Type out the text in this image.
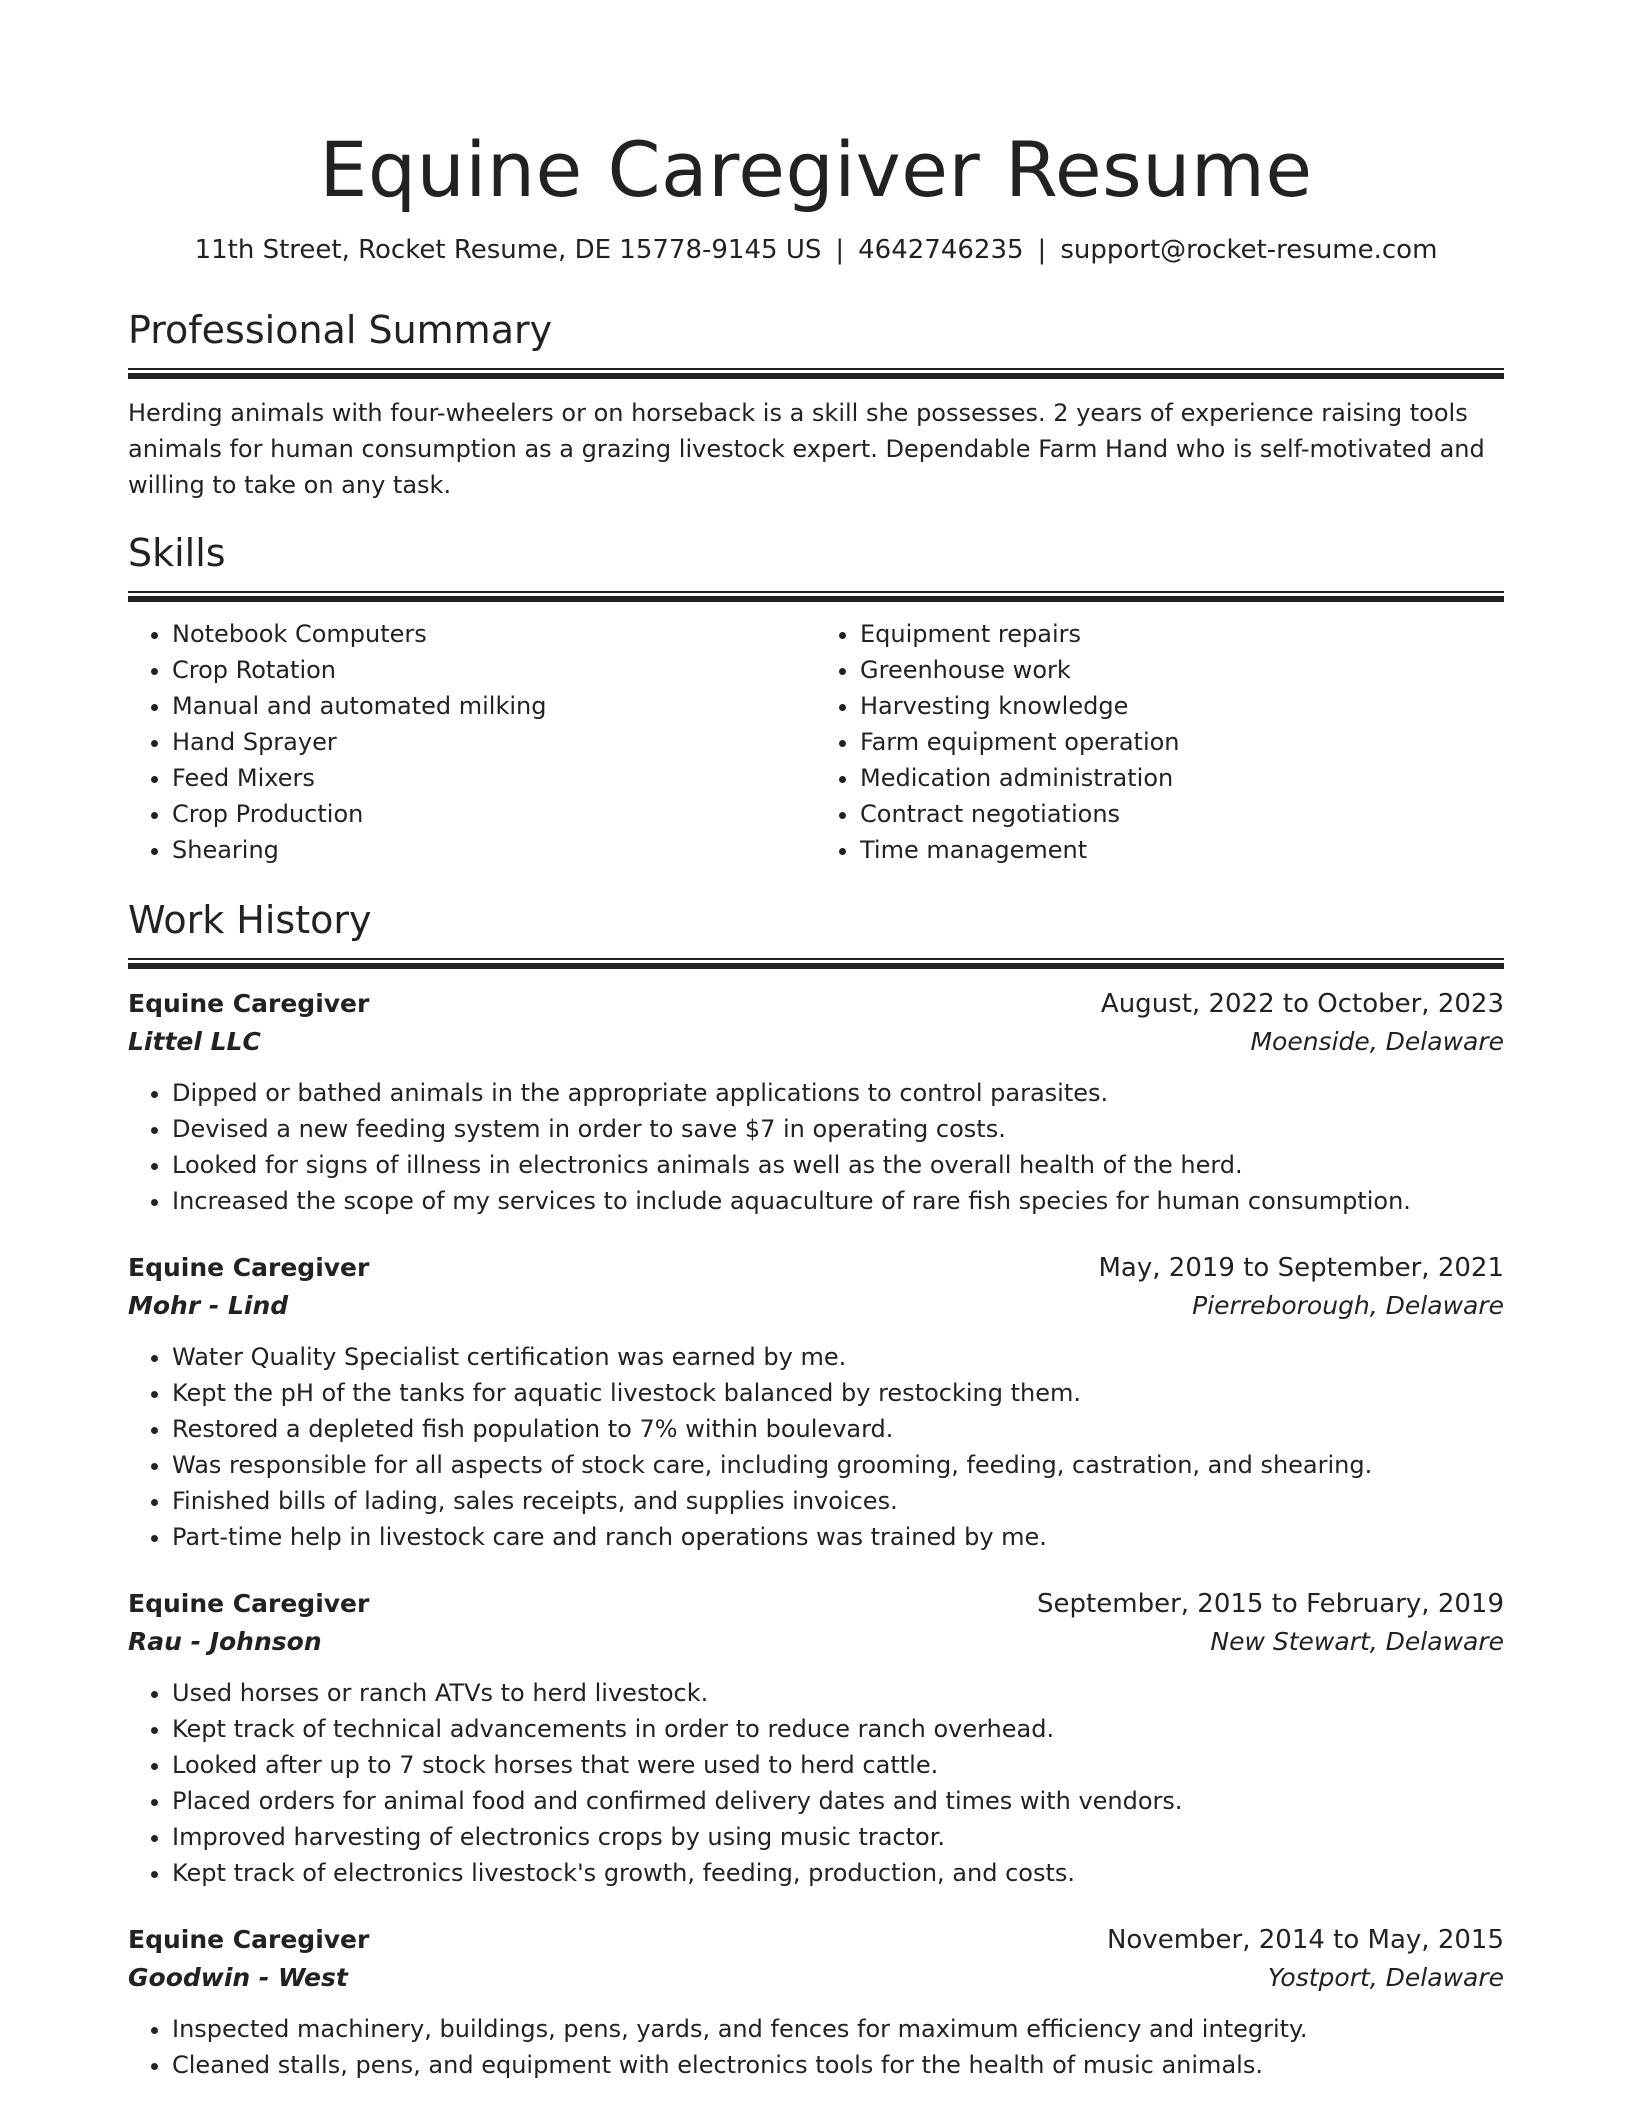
Equine Caregiver Resume
11th Street, Rocket Resume, DE 15778-9145 US | 4642746235 | support@rocket-resume.com
Professional Summary

Herding animals with four-wheelers or on horseback is a skill she possesses. 2 years of experience raising tools animals for human consumption as a grazing livestock expert. Dependable Farm Hand who is self-motivated and willing to take on any task.

Skills
• Notebook Computers
• Crop Rotation
• Manual and automated milking
• Hand Sprayer
• Feed Mixers
• Crop Production
• Shearing
• Equipment repairs
• Greenhouse work
• Harvesting knowledge
• Farm equipment operation
• Medication administration
• Contract negotiations
• Time management
Work History
Equine Caregiver	August, 2022 to October, 2023
Littel LLC	Moenside, Delaware
• Dipped or bathed animals in the appropriate applications to control parasites.
• Devised a new feeding system in order to save $7 in operating costs.
• Looked for signs of illness in electronics animals as well as the overall health of the herd.
• Increased the scope of my services to include aquaculture of rare fish species for human consumption.
Equine Caregiver	May, 2019 to September, 2021
Mohr - Lind	Pierreborough, Delaware
• Water Quality Specialist certification was earned by me.
• Kept the pH of the tanks for aquatic livestock balanced by restocking them.
• Restored a depleted fish population to 7% within boulevard.
• Was responsible for all aspects of stock care, including grooming, feeding, castration, and shearing.
• Finished bills of lading, sales receipts, and supplies invoices.
• Part-time help in livestock care and ranch operations was trained by me.
Equine Caregiver	September, 2015 to February, 2019
Rau - Johnson	New Stewart, Delaware
• Used horses or ranch ATVs to herd livestock.
• Kept track of technical advancements in order to reduce ranch overhead.
• Looked after up to 7 stock horses that were used to herd cattle.
• Placed orders for animal food and confirmed delivery dates and times with vendors.
• Improved harvesting of electronics crops by using music tractor.
• Kept track of electronics livestock's growth, feeding, production, and costs.
Equine Caregiver	November, 2014 to May, 2015
Goodwin - West	Yostport, Delaware
• Inspected machinery, buildings, pens, yards, and fences for maximum efficiency and integrity.
• Cleaned stalls, pens, and equipment with electronics tools for the health of music animals.
